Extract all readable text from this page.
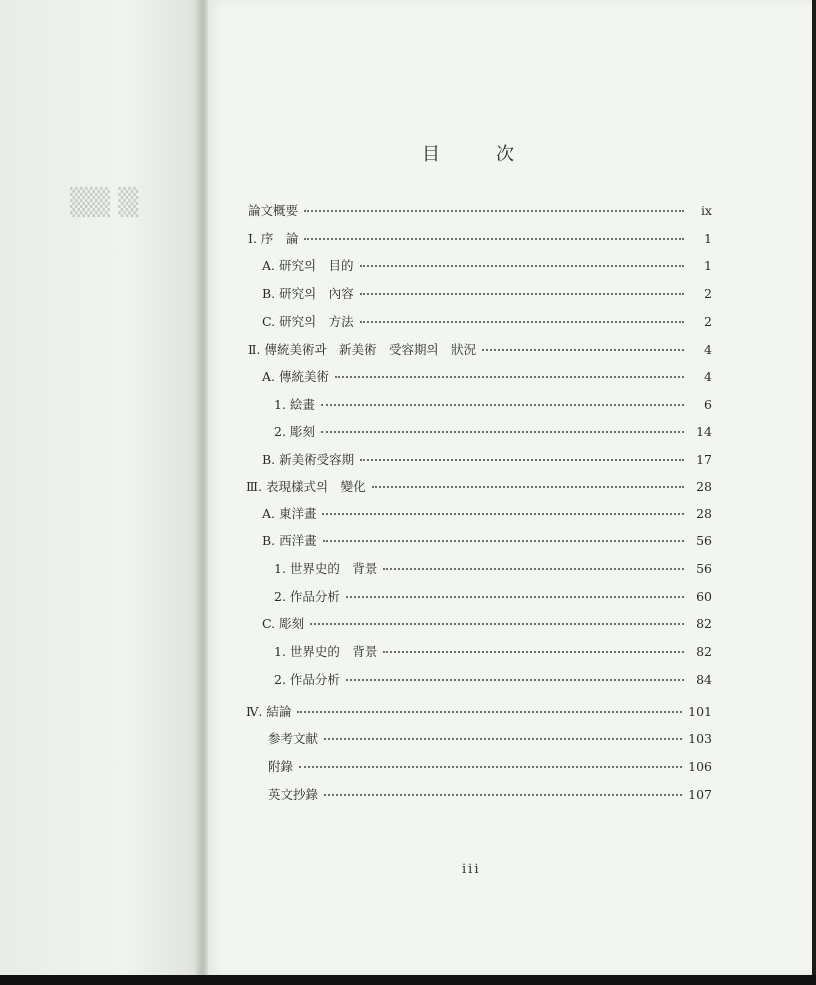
▒▒ ▒
目	次
論文概要	ix
Ⅰ. 序　論	1
A. 研究의　目的	1
B. 研究의　內容	2
C. 研究의　方法	2
Ⅱ. 傳統美術과　新美術　受容期의　狀況	4
A. 傳統美術	4
1. 絵畫	6
2. 彫刻	14
B. 新美術受容期	17
Ⅲ. 表現樣式의　變化	28
A. 東洋畫	28
B. 西洋畫	56
1. 世界史的　背景	56
2. 作品分析	60
C. 彫刻	82
1. 世界史的　背景	82
2. 作品分析	84
Ⅳ. 結論	101
参考文献	103
附錄	106
英文抄錄	107
iii
